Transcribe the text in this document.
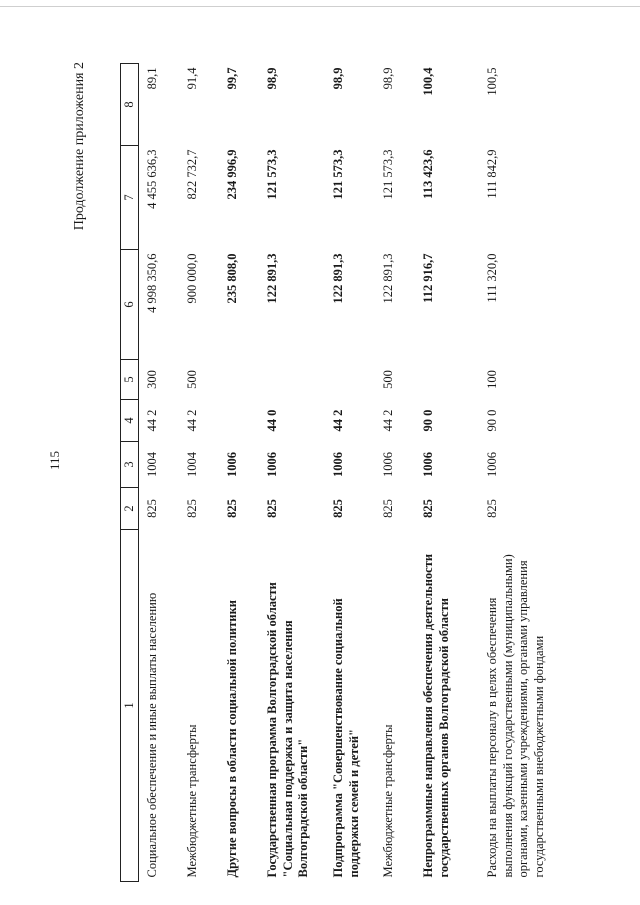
115
Продолжение приложения 2
1	2	3	4	5	6	7	8
Социальное обеспечение и иные выплаты населению	825	1004	44 2	300	4 998 350,6	4 455 636,3	89,1
Межбюджетные трансферты	825	1004	44 2	500	900 000,0	822 732,7	91,4
Другие вопросы в области социальной политики	825	1006			235 808,0	234 996,9	99,7
Государственная программа Волгоградской области "Социальная поддержка и защита населения Волгоградской области"	825	1006	44 0		122 891,3	121 573,3	98,9
Подпрограмма "Совершенствование социальной поддержки семей и детей"	825	1006	44 2		122 891,3	121 573,3	98,9
Межбюджетные трансферты	825	1006	44 2	500	122 891,3	121 573,3	98,9
Непрограммные направления обеспечения деятельности государственных органов Волгоградской области	825	1006	90 0		112 916,7	113 423,6	100,4
Расходы на выплаты персоналу в целях обеспечения выполнения функций государственными (муниципальными) органами, казенными учреждениями, органами управления государственными внебюджетными фондами	825	1006	90 0	100	111 320,0	111 842,9	100,5
